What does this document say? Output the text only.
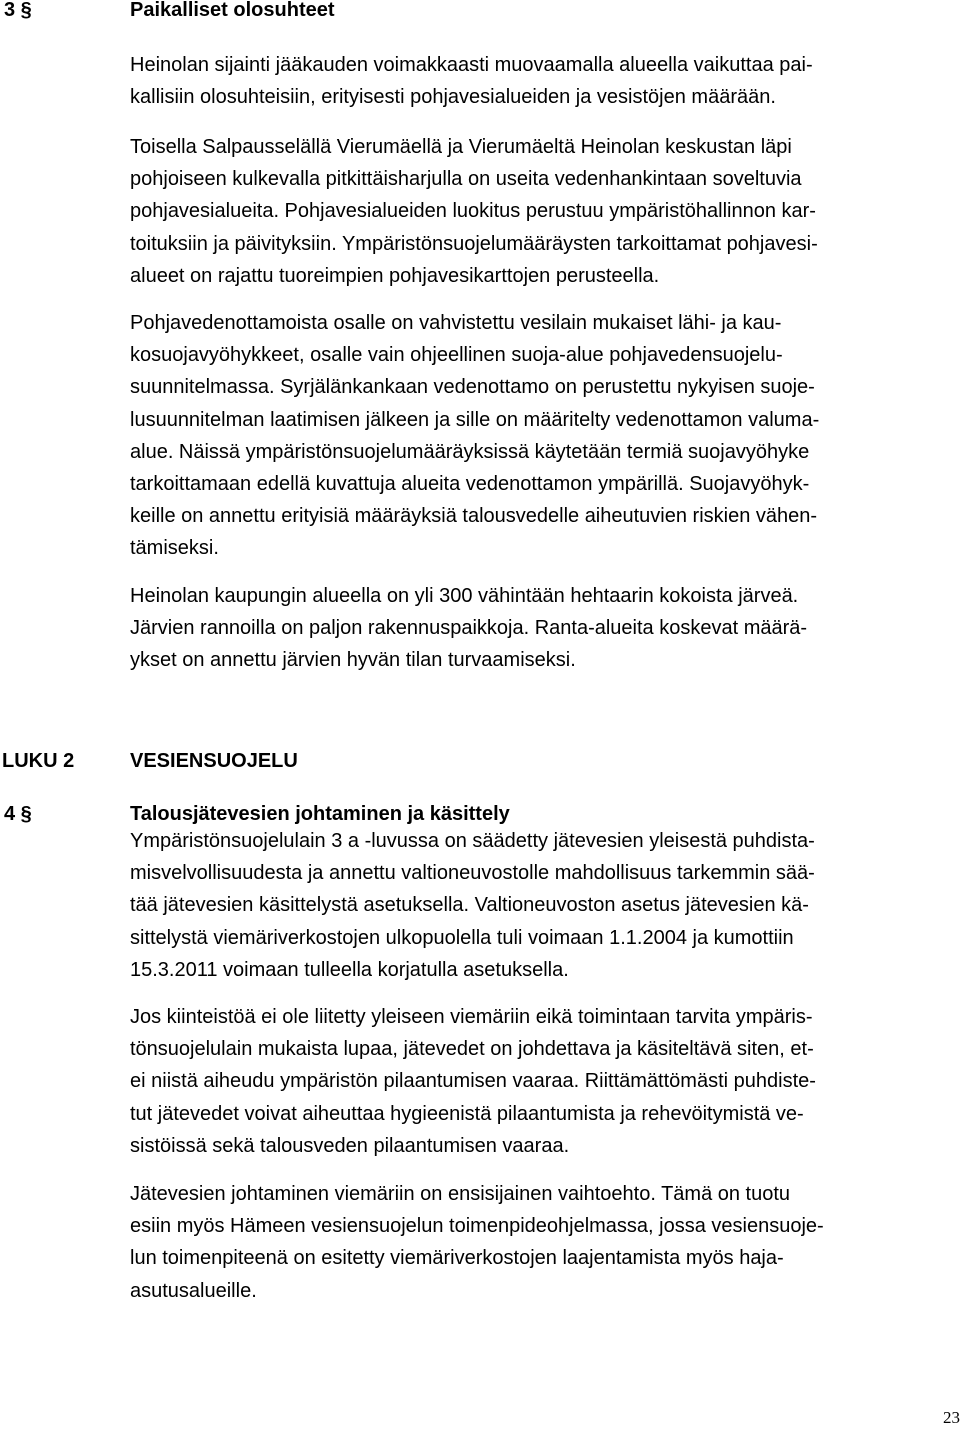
3 §	Paikalliset olosuhteet
Heinolan sijainti jääkauden voimakkaasti muovaamalla alueella vaikuttaa pai-
kallisiin olosuhteisiin, erityisesti pohjavesialueiden ja vesistöjen määrään.
Toisella Salpausselällä Vierumäellä ja Vierumäeltä Heinolan keskustan läpi
pohjoiseen kulkevalla pitkittäisharjulla on useita vedenhankintaan soveltuvia
pohjavesialueita. Pohjavesialueiden luokitus perustuu ympäristöhallinnon kar-
toituksiin ja päivityksiin. Ympäristönsuojelumääräysten tarkoittamat pohjavesi-
alueet on rajattu tuoreimpien pohjavesikarttojen perusteella.
Pohjavedenottamoista osalle on vahvistettu vesilain mukaiset lähi- ja kau-
kosuojavyöhykkeet, osalle vain ohjeellinen suoja-alue pohjavedensuojelu-
suunnitelmassa. Syrjälänkankaan vedenottamo on perustettu nykyisen suoje-
lusuunnitelman laatimisen jälkeen ja sille on määritelty vedenottamon valuma-
alue. Näissä ympäristönsuojelumääräyksissä käytetään termiä suojavyöhyke
tarkoittamaan edellä kuvattuja alueita vedenottamon ympärillä. Suojavyöhyk-
keille on annettu erityisiä määräyksiä talousvedelle aiheutuvien riskien vähen-
tämiseksi.
Heinolan kaupungin alueella on yli 300 vähintään hehtaarin kokoista järveä.
Järvien rannoilla on paljon rakennuspaikkoja. Ranta-alueita koskevat määrä-
ykset on annettu järvien hyvän tilan turvaamiseksi.
LUKU 2	VESIENSUOJELU
4 §	Talousjätevesien johtaminen ja käsittely
Ympäristönsuojelulain 3 a -luvussa on säädetty jätevesien yleisestä puhdista-
misvelvollisuudesta ja annettu valtioneuvostolle mahdollisuus tarkemmin sää-
tää jätevesien käsittelystä asetuksella. Valtioneuvoston asetus jätevesien kä-
sittelystä viemäriverkostojen ulkopuolella tuli voimaan 1.1.2004 ja kumottiin
15.3.2011 voimaan tulleella korjatulla asetuksella.
Jos kiinteistöä ei ole liitetty yleiseen viemäriin eikä toimintaan tarvita ympäris-
tönsuojelulain mukaista lupaa, jätevedet on johdettava ja käsiteltävä siten, et-
ei niistä aiheudu ympäristön pilaantumisen vaaraa. Riittämättömästi puhdiste-
tut jätevedet voivat aiheuttaa hygieenistä pilaantumista ja rehevöitymistä ve-
sistöissä sekä talousveden pilaantumisen vaaraa.
Jätevesien johtaminen viemäriin on ensisijainen vaihtoehto. Tämä on tuotu
esiin myös Hämeen vesiensuojelun toimenpideohjelmassa, jossa vesiensuoje-
lun toimenpiteenä on esitetty viemäriverkostojen laajentamista myös haja-
asutusalueille.
23
